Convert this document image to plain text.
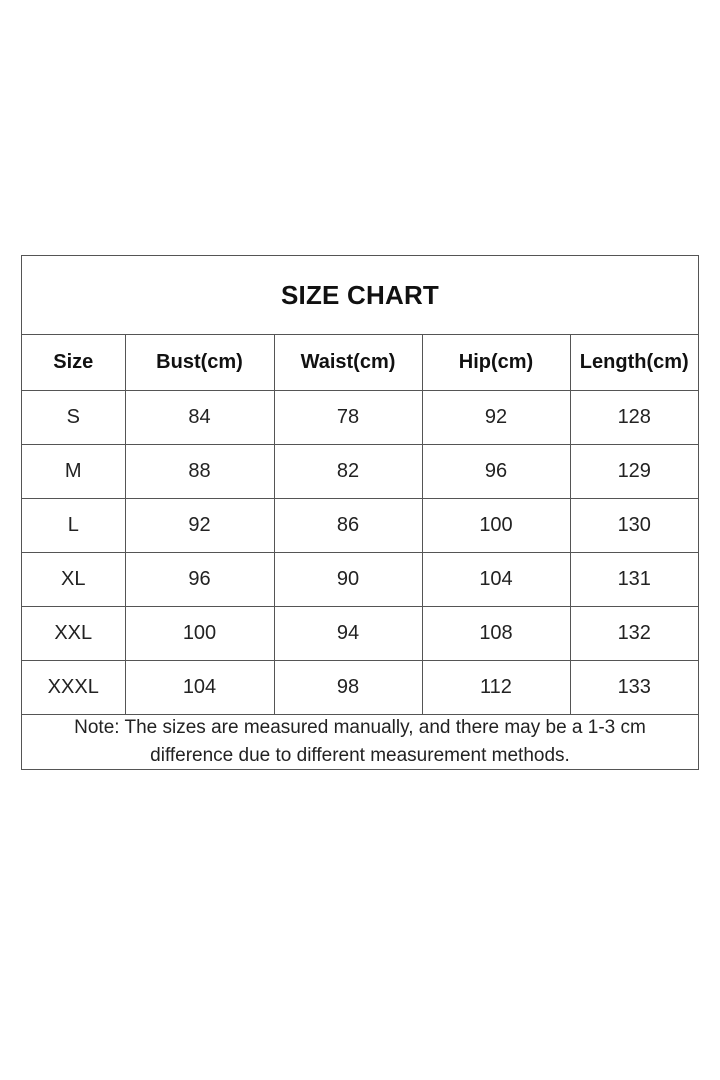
SIZE CHART
Size	Bust(cm)	Waist(cm)	Hip(cm)	Length(cm)
S	84	78	92	128
M	88	82	96	129
L	92	86	100	130
XL	96	90	104	131
XXL	100	94	108	132
XXXL	104	98	112	133
Note: The sizes are measured manually, and there may be a 1-3 cm difference due to different measurement methods.
